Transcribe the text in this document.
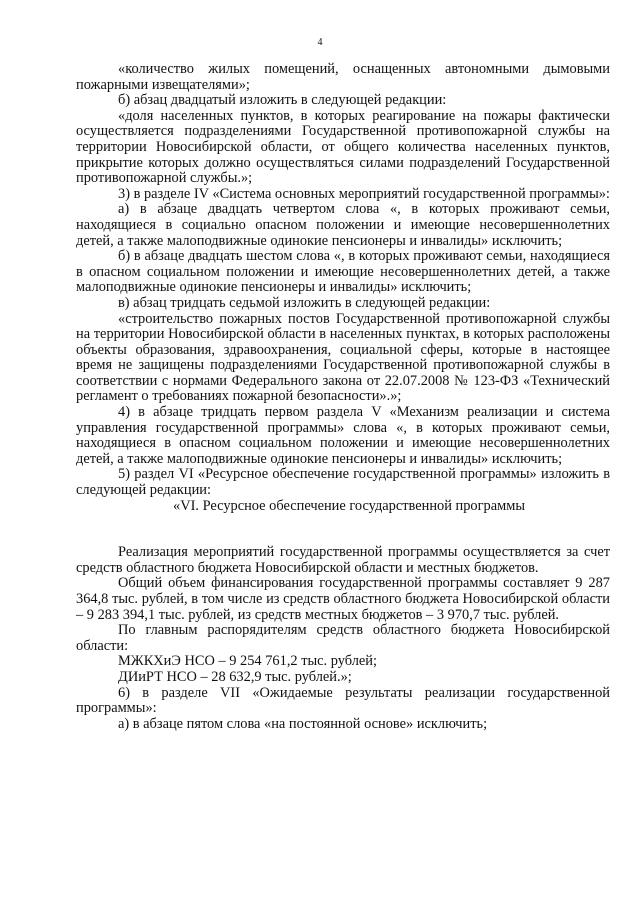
4

«количество жилых помещений, оснащенных автономными дымовыми пожарными извещателями»;

б) абзац двадцатый изложить в следующей редакции:

«доля населенных пунктов, в которых реагирование на пожары фактически осуществляется подразделениями Государственной противопожарной службы на территории Новосибирской области, от общего количества населенных пунктов, прикрытие которых должно осуществляться силами подразделений Государственной противопожарной службы.»;

3) в разделе IV «Система основных мероприятий государственной программы»:

а) в абзаце двадцать четвертом слова «, в которых проживают семьи, находящиеся в социально опасном положении и имеющие несовершеннолетних детей, а также малоподвижные одинокие пенсионеры и инвалиды» исключить;

б) в абзаце двадцать шестом слова «, в которых проживают семьи, находящиеся в опасном социальном положении и имеющие несовершеннолетних детей, а также малоподвижные одинокие пенсионеры и инвалиды» исключить;

в) абзац тридцать седьмой изложить в следующей редакции:

«строительство пожарных постов Государственной противопожарной службы на территории Новосибирской области в населенных пунктах, в которых расположены объекты образования, здравоохранения, социальной сферы, которые в настоящее время не защищены подразделениями Государственной противопожарной службы в соответствии с нормами Федерального закона от 22.07.2008 № 123-ФЗ «Технический регламент о требованиях пожарной безопасности».»;

4) в абзаце тридцать первом раздела V «Механизм реализации и система управления государственной программы» слова «, в которых проживают семьи, находящиеся в опасном социальном положении и имеющие несовершеннолетних детей, а также малоподвижные одинокие пенсионеры и инвалиды» исключить;

5) раздел VI «Ресурсное обеспечение государственной программы» изложить в следующей редакции:

«VI. Ресурсное обеспечение государственной программы

Реализация мероприятий государственной программы осуществляется за счет средств областного бюджета Новосибирской области и местных бюджетов.

Общий объем финансирования государственной программы составляет 9 287 364,8 тыс. рублей, в том числе из средств областного бюджета Новосибирской области – 9 283 394,1 тыс. рублей, из средств местных бюджетов – 3 970,7 тыс. рублей.

По главным распорядителям средств областного бюджета Новосибирской области:

МЖКХиЭ НСО – 9 254 761,2 тыс. рублей;

ДИиРТ НСО – 28 632,9 тыс. рублей.»;

6) в разделе VII «Ожидаемые результаты реализации государственной программы»:

а) в абзаце пятом слова «на постоянной основе» исключить;
